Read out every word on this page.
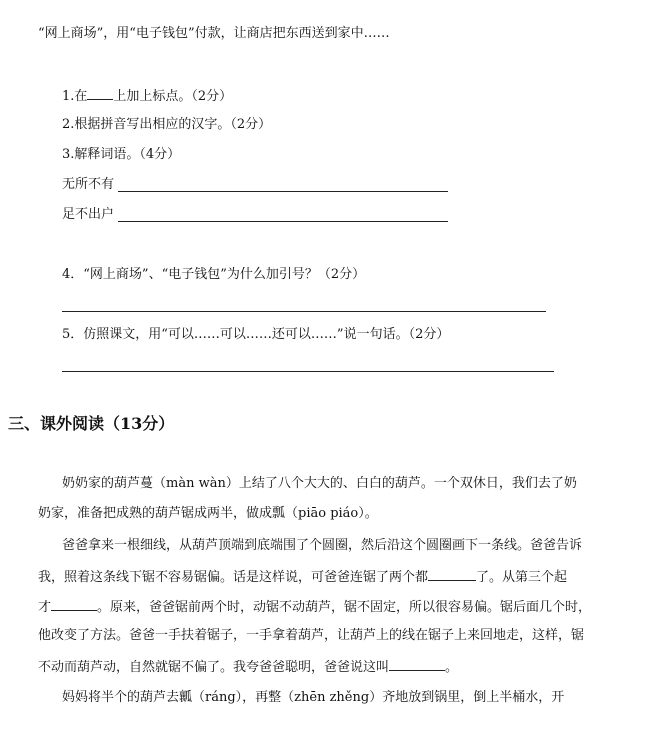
“网上商场”，用“电子钱包”付款，让商店把东西送到家中……
1.在 上加上标点。（2分）
2.根据拼音写出相应的汉字。（2分）
3.解释词语。（4分）
无所不有
足不出户
4．“网上商场”、“电子钱包”为什么加引号？（2分）
5．仿照课文，用“可以……可以……还可以……”说一句话。（2分）
三、课外阅读（13分）
奶奶家的葫芦蔓（màn wàn）上结了八个大大的、白白的葫芦。一个双休日，我们去了奶
奶家，准备把成熟的葫芦锯成两半，做成瓢（piāo piáo）。
爸爸拿来一根细线，从葫芦顶端到底端围了个圆圈，然后沿这个圆圈画下一条线。爸爸告诉
我，照着这条线下锯不容易锯偏。话是这样说，可爸爸连锯了两个都	了。从第三个起
才	。原来，爸爸锯前两个时，动锯不动葫芦，锯不固定，所以很容易偏。锯后面几个时，
他改变了方法。爸爸一手扶着锯子，一手拿着葫芦，让葫芦上的线在锯子上来回地走，这样，锯
不动而葫芦动，自然就锯不偏了。我夸爸爸聪明，爸爸说这叫	。
妈妈将半个的葫芦去瓤（ráng），再整（zhēn zhěng）齐地放到锅里，倒上半桶水，开
